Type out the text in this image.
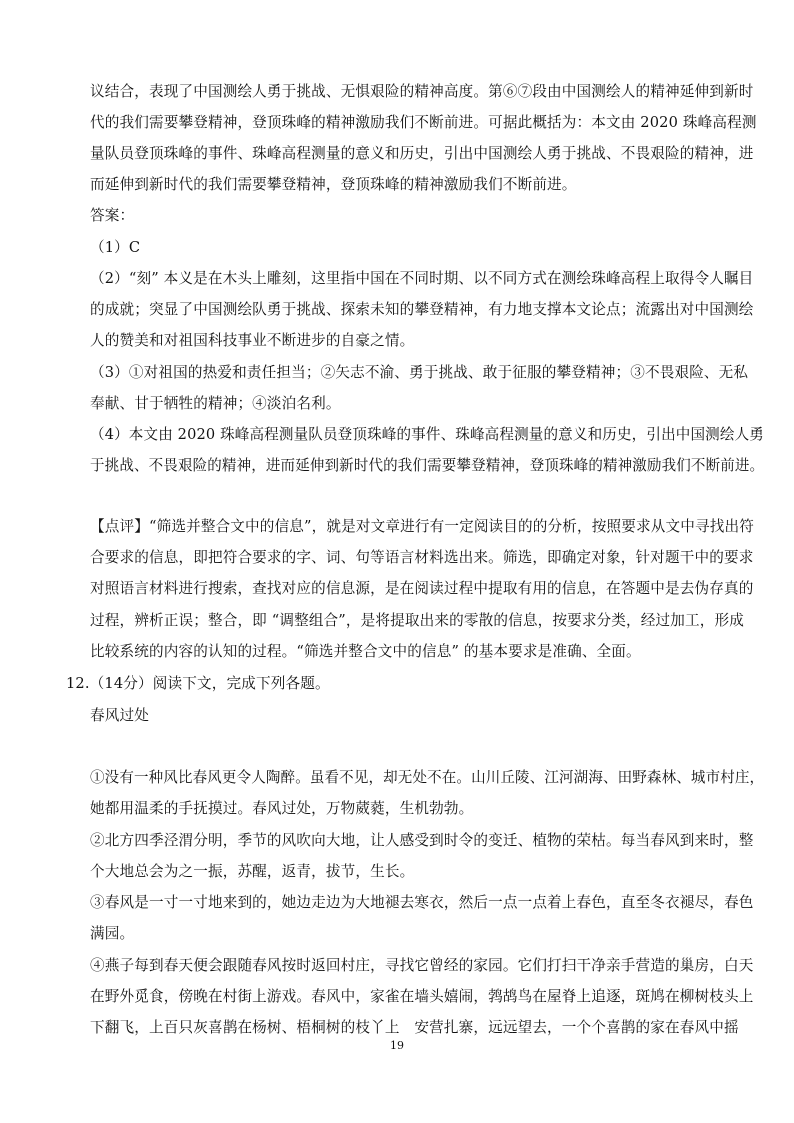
议结合，表现了中国测绘人勇于挑战、无惧艰险的精神高度。第⑥⑦段由中国测绘人的精神延伸到新时
代的我们需要攀登精神，登顶珠峰的精神激励我们不断前进。可据此概括为：本文由 2020 珠峰高程测
量队员登顶珠峰的事件、珠峰高程测量的意义和历史，引出中国测绘人勇于挑战、不畏艰险的精神，进
而延伸到新时代的我们需要攀登精神，登顶珠峰的精神激励我们不断前进。
答案：
（1）C
（2）“刻” 本义是在木头上雕刻，这里指中国在不同时期、以不同方式在测绘珠峰高程上取得令人瞩目
的成就；突显了中国测绘队勇于挑战、探索未知的攀登精神，有力地支撑本文论点；流露出对中国测绘
人的赞美和对祖国科技事业不断进步的自豪之情。
（3）①对祖国的热爱和责任担当；②矢志不渝、勇于挑战、敢于征服的攀登精神；③不畏艰险、无私
奉献、甘于牺牲的精神；④淡泊名利。
（4）本文由 2020 珠峰高程测量队员登顶珠峰的事件、珠峰高程测量的意义和历史，引出中国测绘人勇
于挑战、不畏艰险的精神，进而延伸到新时代的我们需要攀登精神，登顶珠峰的精神激励我们不断前进。
【点评】“筛选并整合文中的信息”，就是对文章进行有一定阅读目的的分析，按照要求从文中寻找出符
合要求的信息，即把符合要求的字、词、句等语言材料选出来。筛选，即确定对象，针对题干中的要求
对照语言材料进行搜索，查找对应的信息源，是在阅读过程中提取有用的信息，在答题中是去伪存真的
过程，辨析正误；整合，即 “调整组合”，是将提取出来的零散的信息，按要求分类，经过加工，形成
比较系统的内容的认知的过程。“筛选并整合文中的信息” 的基本要求是准确、全面。
12.（14分）阅读下文，完成下列各题。
春风过处
①没有一种风比春风更令人陶醉。虽看不见，却无处不在。山川丘陵、江河湖海、田野森林、城市村庄，
她都用温柔的手抚摸过。春风过处，万物葳蕤，生机勃勃。
②北方四季泾渭分明，季节的风吹向大地，让人感受到时令的变迁、植物的荣枯。每当春风到来时，整
个大地总会为之一振，苏醒，返青，拔节，生长。
③春风是一寸一寸地来到的，她边走边为大地褪去寒衣，然后一点一点着上春色，直至冬衣褪尽，春色
满园。
④燕子每到春天便会跟随春风按时返回村庄，寻找它曾经的家园。它们打扫干净亲手营造的巢房，白天
在野外觅食，傍晚在村街上游戏。春风中，家雀在墙头嬉闹，鹁鸪鸟在屋脊上追逐，斑鸠在柳树枝头上
下翻飞，上百只灰喜鹊在杨树、梧桐树的枝丫上　安营扎寨，远远望去，一个个喜鹊的家在春风中摇
19
